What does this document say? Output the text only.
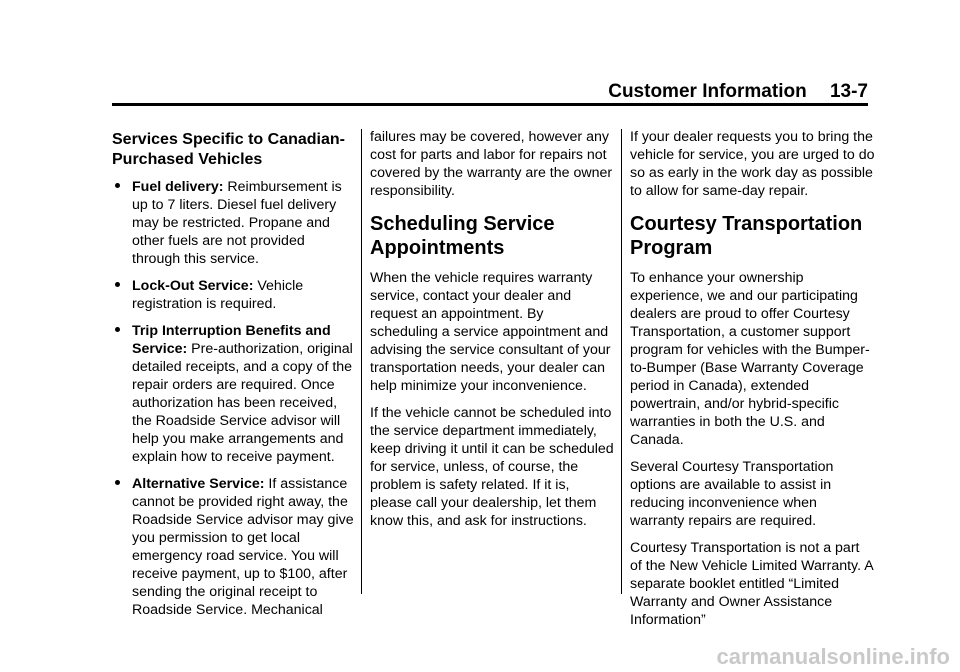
Customer Information 13-7
Services Specific to Canadian-Purchased Vehicles
Fuel delivery: Reimbursement is up to 7 liters. Diesel fuel delivery may be restricted. Propane and other fuels are not provided through this service.
Lock-Out Service: Vehicle registration is required.
Trip Interruption Benefits and Service: Pre-authorization, original detailed receipts, and a copy of the repair orders are required. Once authorization has been received, the Roadside Service advisor will help you make arrangements and explain how to receive payment.
Alternative Service: If assistance cannot be provided right away, the Roadside Service advisor may give you permission to get local emergency road service. You will receive payment, up to $100, after sending the original receipt to Roadside Service. Mechanical

failures may be covered, however any cost for parts and labor for repairs not covered by the warranty are the owner responsibility.

Scheduling Service Appointments

When the vehicle requires warranty service, contact your dealer and request an appointment. By scheduling a service appointment and advising the service consultant of your transportation needs, your dealer can help minimize your inconvenience.

If the vehicle cannot be scheduled into the service department immediately, keep driving it until it can be scheduled for service, unless, of course, the problem is safety related. If it is, please call your dealership, let them know this, and ask for instructions.

If your dealer requests you to bring the vehicle for service, you are urged to do so as early in the work day as possible to allow for same-day repair.

Courtesy Transportation Program

To enhance your ownership experience, we and our participating dealers are proud to offer Courtesy Transportation, a customer support program for vehicles with the Bumper-to-Bumper (Base Warranty Coverage period in Canada), extended powertrain, and/or hybrid-specific warranties in both the U.S. and Canada.

Several Courtesy Transportation options are available to assist in reducing inconvenience when warranty repairs are required.

Courtesy Transportation is not a part of the New Vehicle Limited Warranty. A separate booklet entitled “Limited Warranty and Owner Assistance Information”

carmanualsonline.info
